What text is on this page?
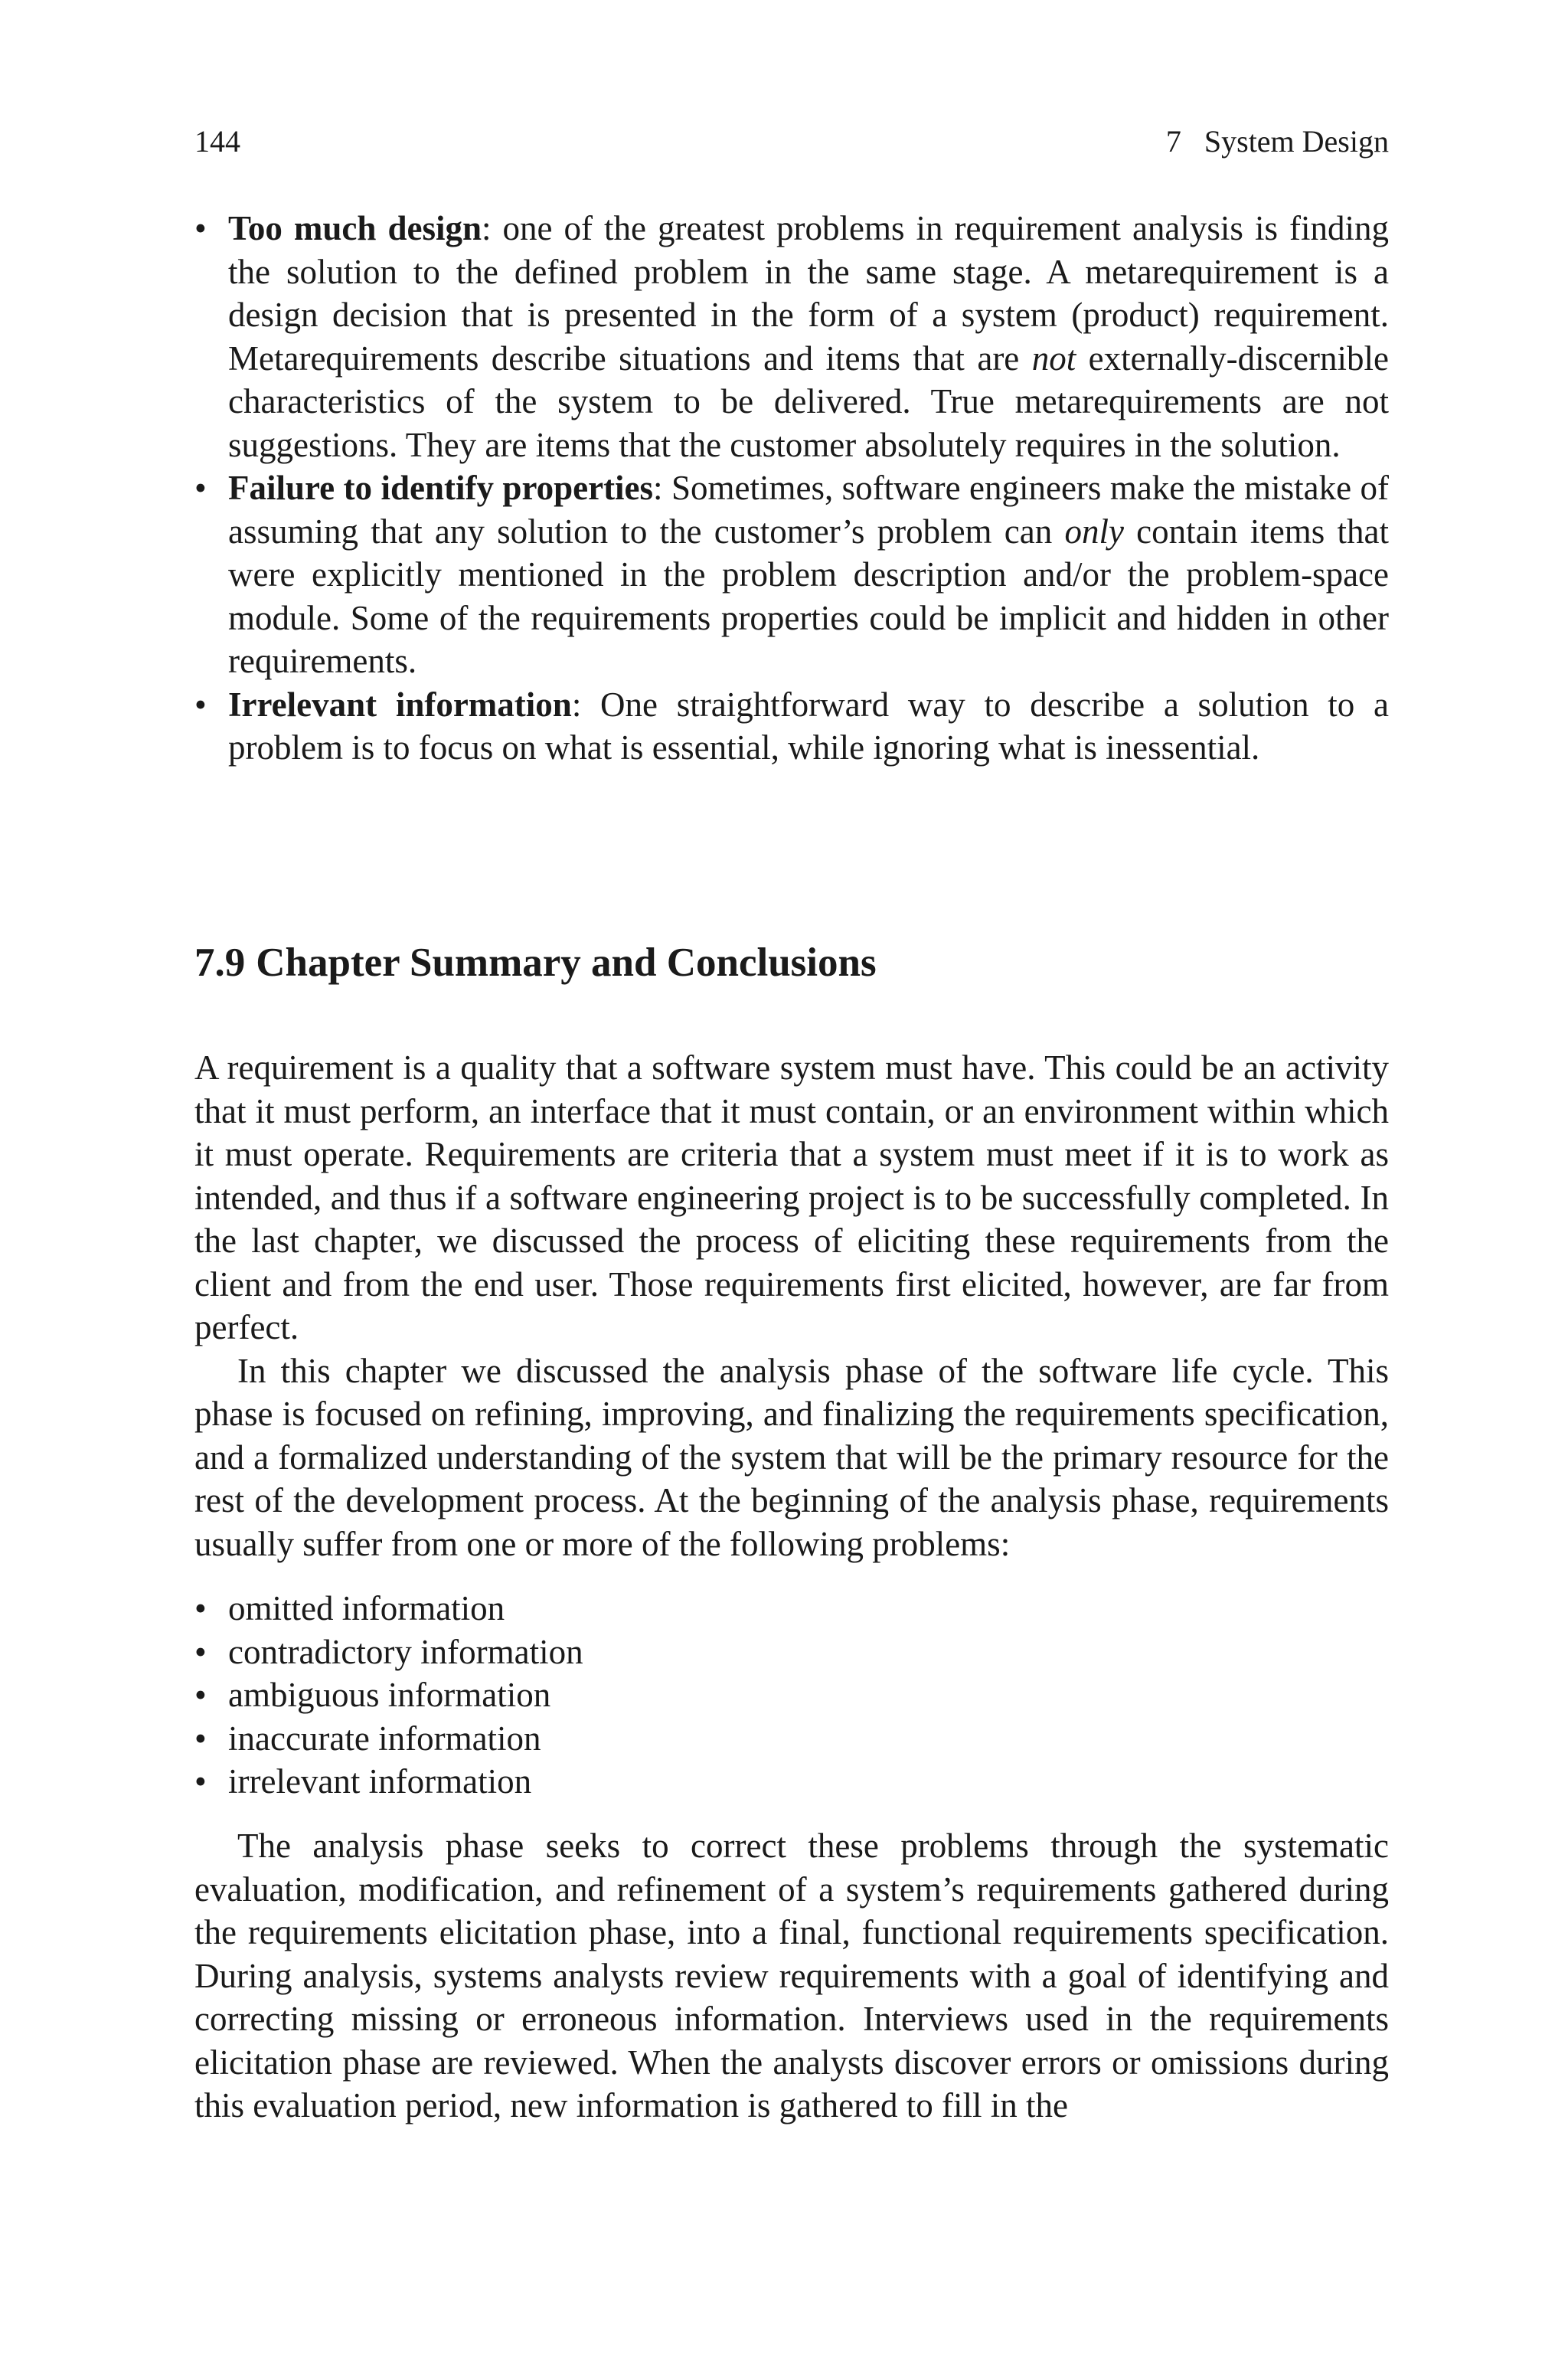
144	7   System Design
• Too much design: one of the greatest problems in requirement analysis is finding the solution to the defined problem in the same stage. A metarequirement is a design decision that is presented in the form of a system (product) requirement. Metarequirements describe situations and items that are not externally-discernible characteristics of the system to be delivered. True metarequirements are not suggestions. They are items that the customer absolutely requires in the solution.
• Failure to identify properties: Sometimes, software engineers make the mistake of assuming that any solution to the customer’s problem can only contain items that were explicitly mentioned in the problem description and/or the problem-space module. Some of the requirements properties could be implicit and hidden in other requirements.
• Irrelevant information: One straightforward way to describe a solution to a problem is to focus on what is essential, while ignoring what is inessential.
7.9 Chapter Summary and Conclusions

A requirement is a quality that a software system must have. This could be an activity that it must perform, an interface that it must contain, or an environment within which it must operate. Requirements are criteria that a system must meet if it is to work as intended, and thus if a software engineering project is to be successfully completed. In the last chapter, we discussed the process of eliciting these requirements from the client and from the end user. Those requirements first elicited, however, are far from perfect.

In this chapter we discussed the analysis phase of the software life cycle. This phase is focused on refining, improving, and finalizing the requirements specification, and a formalized understanding of the system that will be the primary resource for the rest of the development process. At the beginning of the analysis phase, requirements usually suffer from one or more of the following problems:

• omitted information
• contradictory information
• ambiguous information
• inaccurate information
• irrelevant information

The analysis phase seeks to correct these problems through the systematic evaluation, modification, and refinement of a system’s requirements gathered during the requirements elicitation phase, into a final, functional requirements specification. During analysis, systems analysts review requirements with a goal of identifying and correcting missing or erroneous information. Interviews used in the requirements elicitation phase are reviewed. When the analysts discover errors or omissions during this evaluation period, new information is gathered to fill in the
